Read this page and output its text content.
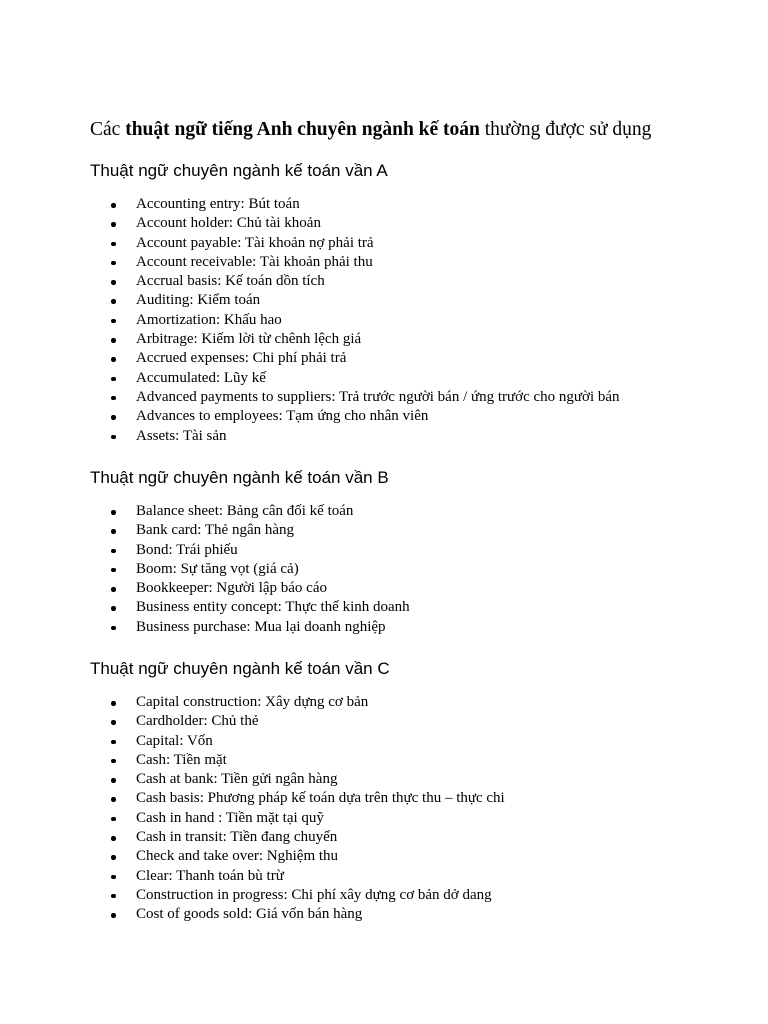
Các thuật ngữ tiếng Anh chuyên ngành kế toán thường được sử dụng
Thuật ngữ chuyên ngành kế toán vần A
Accounting entry: Bút toán
Account holder: Chủ tài khoản
Account payable: Tài khoản nợ phải trả
Account receivable: Tài khoản phải thu
Accrual basis: Kế toán dồn tích
Auditing: Kiểm toán
Amortization: Khấu hao
Arbitrage: Kiếm lời từ chênh lệch giá
Accrued expenses: Chi phí phải trả
Accumulated: Lũy kế
Advanced payments to suppliers: Trả trước người bán / ứng trước cho người bán
Advances to employees: Tạm ứng cho nhân viên
Assets: Tài sản
Thuật ngữ chuyên ngành kế toán vần B
Balance sheet: Bảng cân đối kế toán
Bank card: Thẻ ngân hàng
Bond: Trái phiếu
Boom: Sự tăng vọt (giá cả)
Bookkeeper: Người lập báo cáo
Business entity concept: Thực thể kinh doanh
Business purchase: Mua lại doanh nghiệp
Thuật ngữ chuyên ngành kế toán vần C
Capital construction: Xây dựng cơ bản
Cardholder: Chủ thẻ
Capital: Vốn
Cash: Tiền mặt
Cash at bank: Tiền gửi ngân hàng
Cash basis: Phương pháp kế toán dựa trên thực thu – thực chi
Cash in hand : Tiền mặt tại quỹ
Cash in transit: Tiền đang chuyển
Check and take over: Nghiệm thu
Clear: Thanh toán bù trừ
Construction in progress: Chi phí xây dựng cơ bản dở dang
Cost of goods sold: Giá vốn bán hàng
